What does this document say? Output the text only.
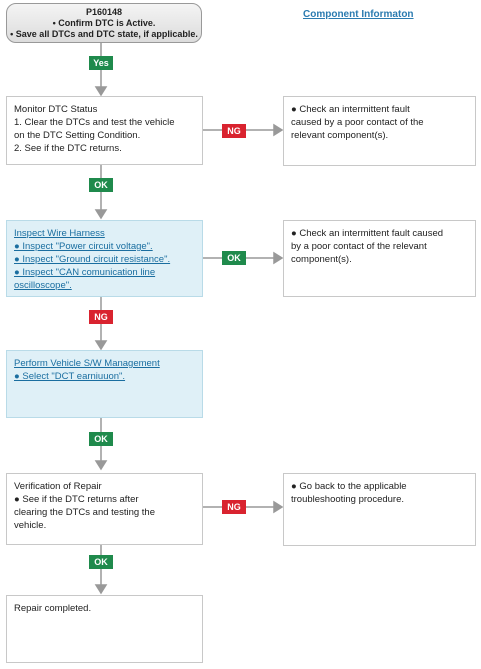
Component Informaton
P160148
• Confirm DTC is Active.
• Save all DTCs and DTC state, if applicable.
Yes
Monitor DTC Status
1. Clear the DTCs and test the vehicle
on the DTC Setting Condition.
2. See if the DTC returns.
NG
● Check an intermittent fault
caused by a poor contact of the
relevant component(s).
OK
Inspect Wire Harness
● Inspect "Power circuit voltage".
● Inspect "Ground circuit resistance".
● Inspect "CAN comunication line
oscilloscope".
OK
● Check an intermittent fault caused
by a poor contact of the relevant
component(s).
NG
Perform Vehicle S/W Management
● Select "DCT earniuuon".
OK
Verification of Repair
● See if the DTC returns after
clearing the DTCs and testing the
vehicle.
NG
● Go back to the applicable
troubleshooting procedure.
OK
Repair completed.
